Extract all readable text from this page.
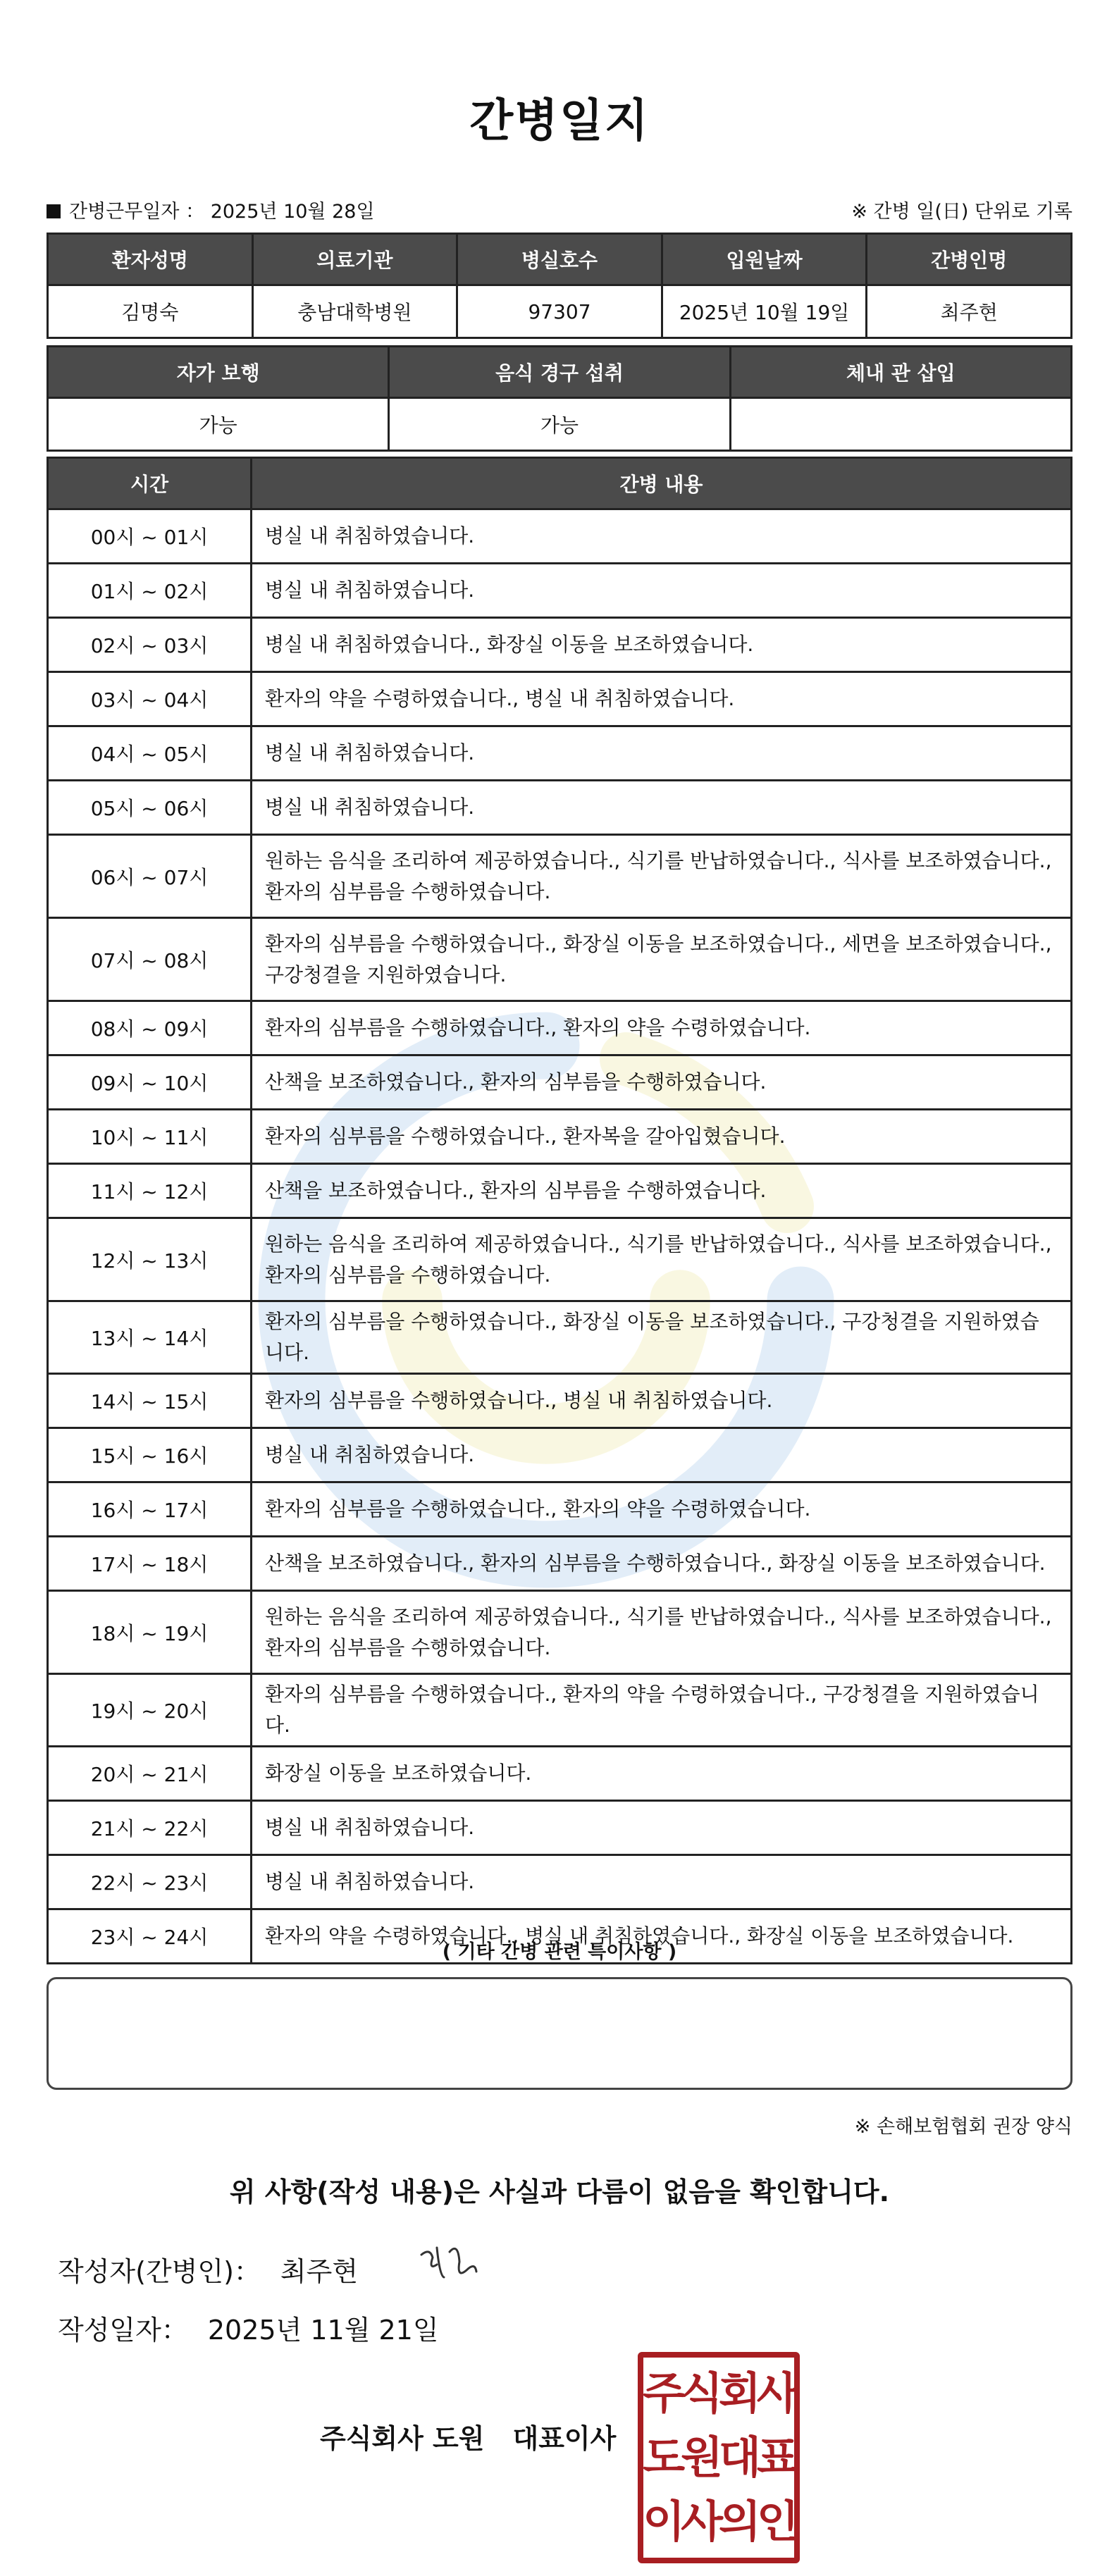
간병일지
간병근무일자 ： 2025년 10월 28일	※ 간병 일(日) 단위로 기록
환자성명	의료기관	병실호수	입원날짜	간병인명
김명숙	충남대학병원	97307	2025년 10월 19일	최주현
자가 보행	음식 경구 섭취	체내 관 삽입
가능	가능	
시간	간병 내용
00시 ~ 01시	병실 내 취침하였습니다.
01시 ~ 02시	병실 내 취침하였습니다.
02시 ~ 03시	병실 내 취침하였습니다., 화장실 이동을 보조하였습니다.
03시 ~ 04시	환자의 약을 수령하였습니다., 병실 내 취침하였습니다.
04시 ~ 05시	병실 내 취침하였습니다.
05시 ~ 06시	병실 내 취침하였습니다.
06시 ~ 07시	원하는 음식을 조리하여 제공하였습니다., 식기를 반납하였습니다., 식사를 보조하였습니다., 환자의 심부름을 수행하였습니다.
07시 ~ 08시	환자의 심부름을 수행하였습니다., 화장실 이동을 보조하였습니다., 세면을 보조하였습니다., 구강청결을 지원하였습니다.
08시 ~ 09시	환자의 심부름을 수행하였습니다., 환자의 약을 수령하였습니다.
09시 ~ 10시	산책을 보조하였습니다., 환자의 심부름을 수행하였습니다.
10시 ~ 11시	환자의 심부름을 수행하였습니다., 환자복을 갈아입혔습니다.
11시 ~ 12시	산책을 보조하였습니다., 환자의 심부름을 수행하였습니다.
12시 ~ 13시	원하는 음식을 조리하여 제공하였습니다., 식기를 반납하였습니다., 식사를 보조하였습니다., 환자의 심부름을 수행하였습니다.
13시 ~ 14시	환자의 심부름을 수행하였습니다., 화장실 이동을 보조하였습니다., 구강청결을 지원하였습니다.
14시 ~ 15시	환자의 심부름을 수행하였습니다., 병실 내 취침하였습니다.
15시 ~ 16시	병실 내 취침하였습니다.
16시 ~ 17시	환자의 심부름을 수행하였습니다., 환자의 약을 수령하였습니다.
17시 ~ 18시	산책을 보조하였습니다., 환자의 심부름을 수행하였습니다., 화장실 이동을 보조하였습니다.
18시 ~ 19시	원하는 음식을 조리하여 제공하였습니다., 식기를 반납하였습니다., 식사를 보조하였습니다., 환자의 심부름을 수행하였습니다.
19시 ~ 20시	환자의 심부름을 수행하였습니다., 환자의 약을 수령하였습니다., 구강청결을 지원하였습니다.
20시 ~ 21시	화장실 이동을 보조하였습니다.
21시 ~ 22시	병실 내 취침하였습니다.
22시 ~ 23시	병실 내 취침하였습니다.
23시 ~ 24시	환자의 약을 수령하였습니다., 병실 내 취침하였습니다., 화장실 이동을 보조하였습니다.
( 기타 간병 관련 특이사항 )
※ 손해보험협회 권장 양식
위 사항(작성 내용)은 사실과 다름이 없음을 확인합니다.
작성자(간병인)： 최주현
작성일자： 2025년 11월 21일
주식회사 도원 대표이사
주식회사
도원대표
이사의인
